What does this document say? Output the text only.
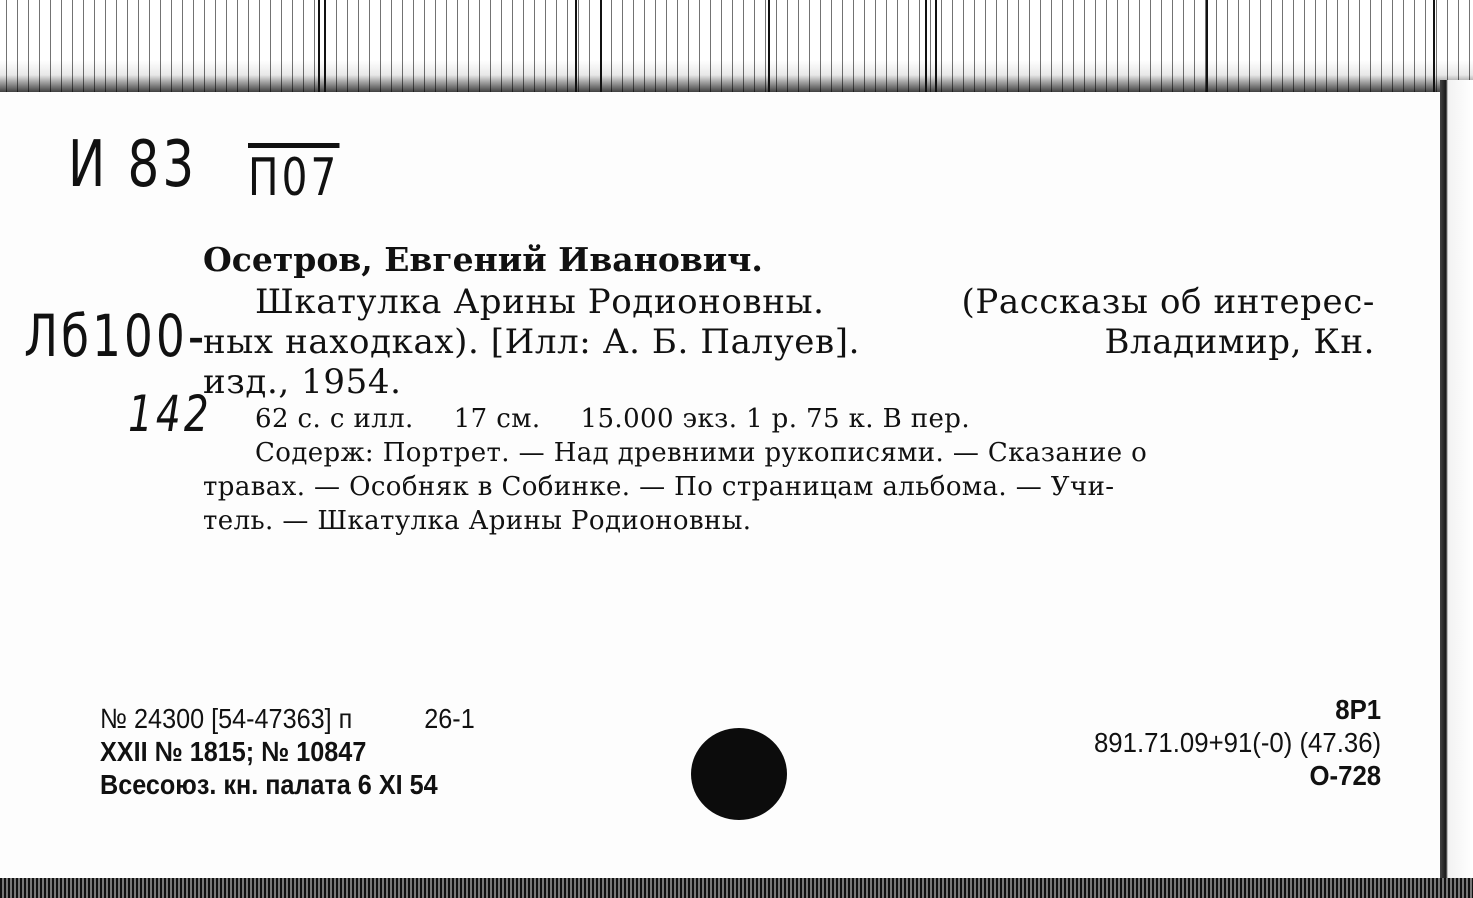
И 83 П07
Лб100-
142
Осетров, Евгений Иванович.
Шкатулка Арины Родионовны.	(Рассказы об интерес-
ных находках). [Илл: А. Б. Палуев].	Владимир, Кн.
изд., 1954.
62 с. с илл. 17 см. 15.000 экз. 1 р. 75 к. В пер.
Содерж: Портрет. — Над древними рукописями. — Сказание о
травах. — Особняк в Собинке. — По страницам альбома. — Учи-
тель. — Шкатулка Арины Родионовны.
№ 24300 [54-47363] п	26-1
XXII № 1815; № 10847
Всесоюз. кн. палата 6 XI 54
8Р1
891.71.09+91(-0) (47.36)
О-728
